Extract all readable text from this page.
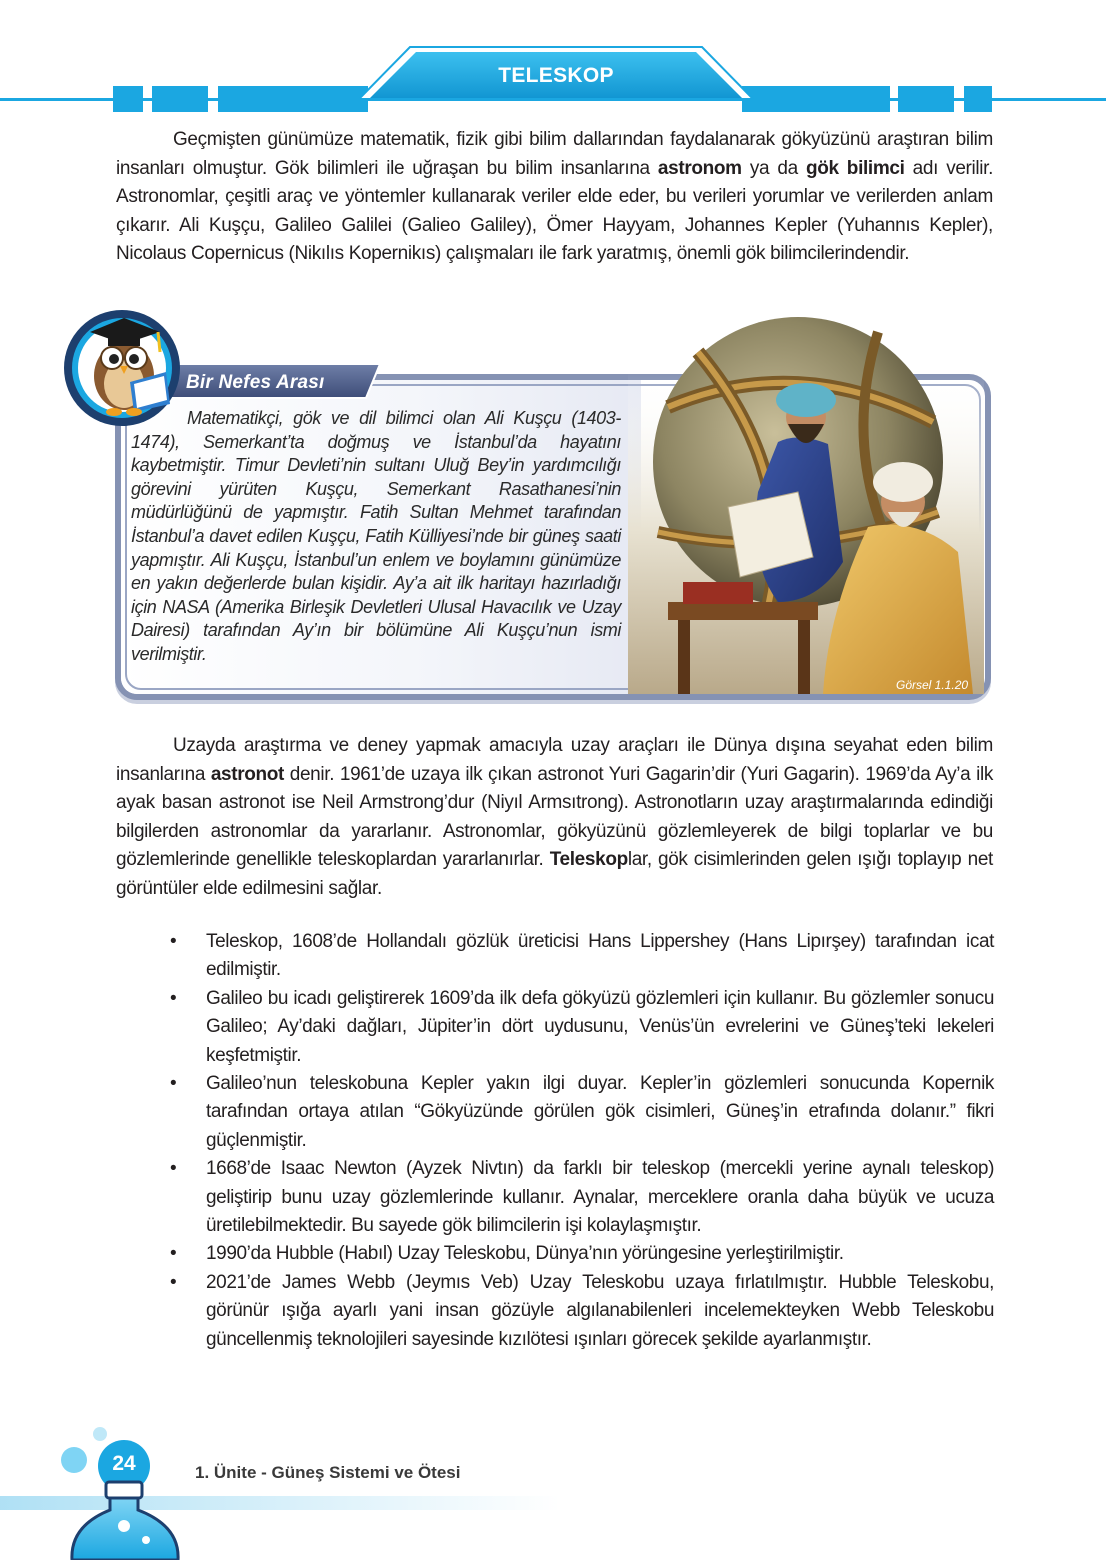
TELESKOP

Geçmişten günümüze matematik, fizik gibi bilim dallarından faydalanarak gökyüzünü araştıran bilim insanları olmuştur. Gök bilimleri ile uğraşan bu bilim insanlarına astronom ya da gök bilimci adı verilir. Astronomlar, çeşitli araç ve yöntemler kullanarak veriler elde eder, bu verileri yorumlar ve verilerden anlam çıkarır. Ali Kuşçu, Galileo Galilei (Galieo Galiley), Ömer Hayyam, Johannes Kepler (Yuhannıs Kepler), Nicolaus Copernicus (Nikılıs Kopernikıs) çalışmaları ile fark yaratmış, önemli gök bilimcilerindendir.

Görsel 1.1.20
Bir Nefes Arası
Matematikçi, gök ve dil bilimci olan Ali Kuşçu (1403-1474), Semerkant’ta doğmuş ve İstanbul’da hayatını kaybetmiştir. Timur Devleti’nin sultanı Uluğ Bey’in yardımcılığı görevini yürüten Kuşçu, Semerkant Rasathanesi’nin müdürlüğünü de yapmıştır. Fatih Sultan Mehmet tarafından İstanbul’a davet edilen Kuşçu, Fatih Külliyesi’nde bir güneş saati yapmıştır. Ali Kuşçu, İstanbul’un enlem ve boylamını günümüze en yakın değerlerde bulan kişidir. Ay’a ait ilk haritayı hazırladığı için NASA (Amerika Birleşik Devletleri Ulusal Havacılık ve Uzay Dairesi) tarafından Ay’ın bir bölümüne Ali Kuşçu’nun ismi verilmiştir.

Uzayda araştırma ve deney yapmak amacıyla uzay araçları ile Dünya dışına seyahat eden bilim insanlarına astronot denir. 1961’de uzaya ilk çıkan astronot Yuri Gagarin’dir (Yuri Gagarin). 1969’da Ay’a ilk ayak basan astronot ise Neil Armstrong’dur (Niyıl Armsıtrong). Astronotların uzay araştırmalarında edindiği bilgilerden astronomlar da yararlanır. Astronomlar, gökyüzünü gözlemleyerek de bilgi toplarlar ve bu gözlemlerinde genellikle teleskoplardan yararlanırlar. Teleskoplar, gök cisimlerinden gelen ışığı toplayıp net görüntüler elde edilmesini sağlar.

• Teleskop, 1608’de Hollandalı gözlük üreticisi Hans Lippershey (Hans Lipırşey) tarafından icat edilmiştir.
• Galileo bu icadı geliştirerek 1609’da ilk defa gökyüzü gözlemleri için kullanır. Bu gözlemler sonucu Galileo; Ay’daki dağları, Jüpiter’in dört uydusunu, Venüs’ün evrelerini ve Güneş’teki lekeleri keşfetmiştir.
• Galileo’nun teleskobuna Kepler yakın ilgi duyar. Kepler’in gözlemleri sonucunda Kopernik tarafından ortaya atılan “Gökyüzünde görülen gök cisimleri, Güneş’in etrafında dolanır.” fikri güçlenmiştir.
• 1668’de Isaac Newton (Ayzek Nivtın) da farklı bir teleskop (mercekli yerine aynalı teleskop) geliştirip bunu uzay gözlemlerinde kullanır. Aynalar, merceklere oranla daha büyük ve ucuza üretilebilmektedir. Bu sayede gök bilimcilerin işi kolaylaşmıştır.
• 1990’da Hubble (Habıl) Uzay Teleskobu, Dünya’nın yörüngesine yerleştirilmiştir.
• 2021’de James Webb (Jeymıs Veb) Uzay Teleskobu uzaya fırlatılmıştır. Hubble Teleskobu, görünür ışığa ayarlı yani insan gözüyle algılanabilenleri incelemekteyken Webb Teleskobu güncellenmiş teknolojileri sayesinde kızılötesi ışınları görecek şekilde ayarlanmıştır.
24	1. Ünite - Güneş Sistemi ve Ötesi
